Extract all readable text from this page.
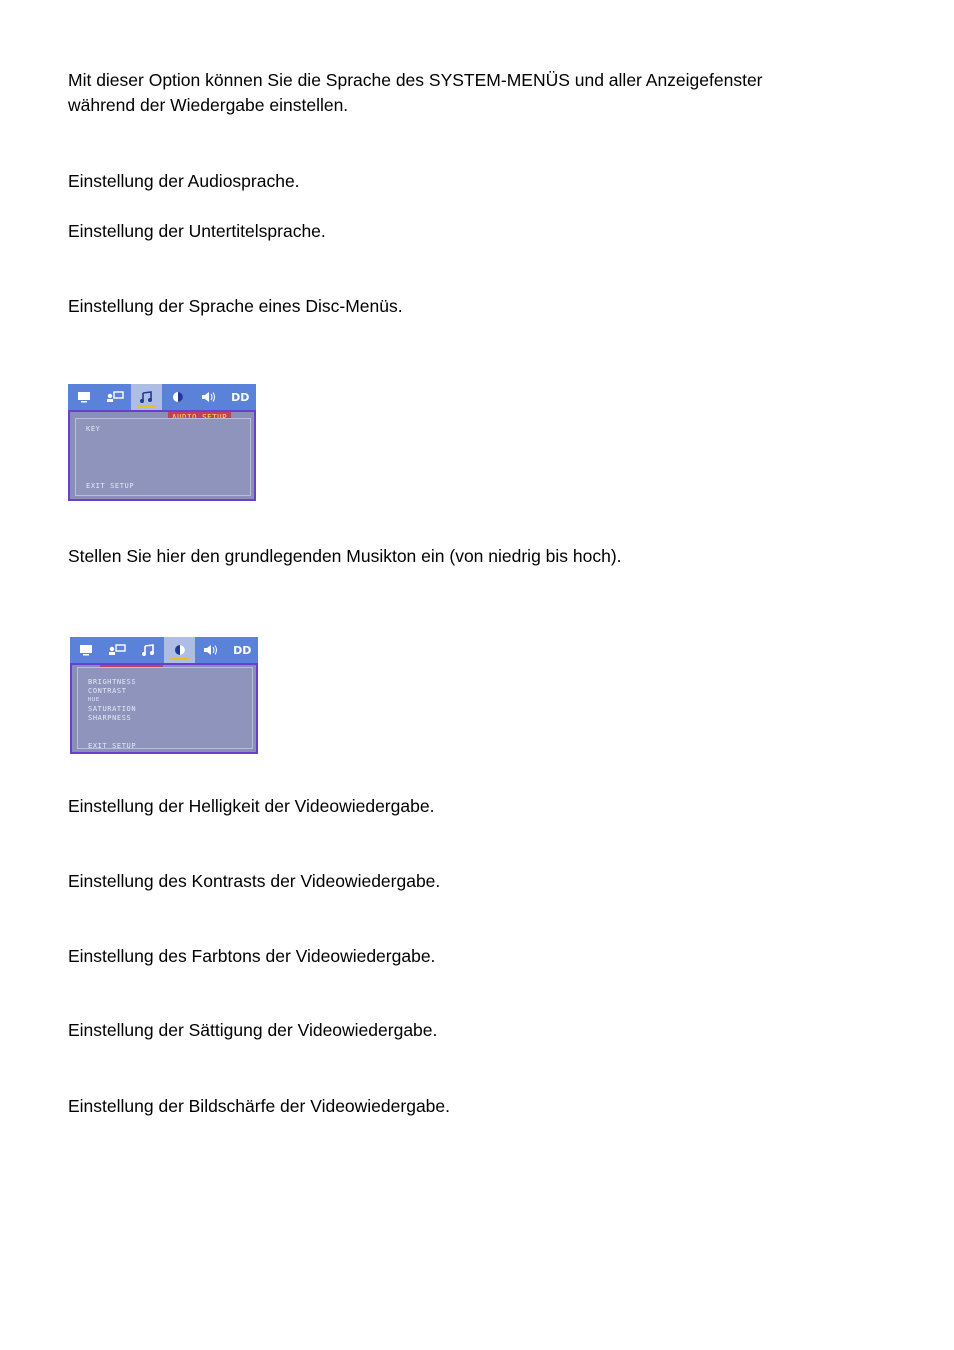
Mit dieser Option können Sie die Sprache des SYSTEM-MENÜS und aller Anzeigefenster

während der Wiedergabe einstellen.

Einstellung der Audiosprache.

Einstellung der Untertitelsprache.

Einstellung der Sprache eines Disc-Menüs.

DD
KEY
EXIT SETUP

Stellen Sie hier den grundlegenden Musikton ein (von niedrig bis hoch).

DD
BRIGHTNESS
CONTRAST
HUE
SATURATION
SHARPNESS
EXIT SETUP

Einstellung der Helligkeit der Videowiedergabe.

Einstellung des Kontrasts der Videowiedergabe.

Einstellung des Farbtons der Videowiedergabe.

Einstellung der Sättigung der Videowiedergabe.

Einstellung der Bildschärfe der Videowiedergabe.
